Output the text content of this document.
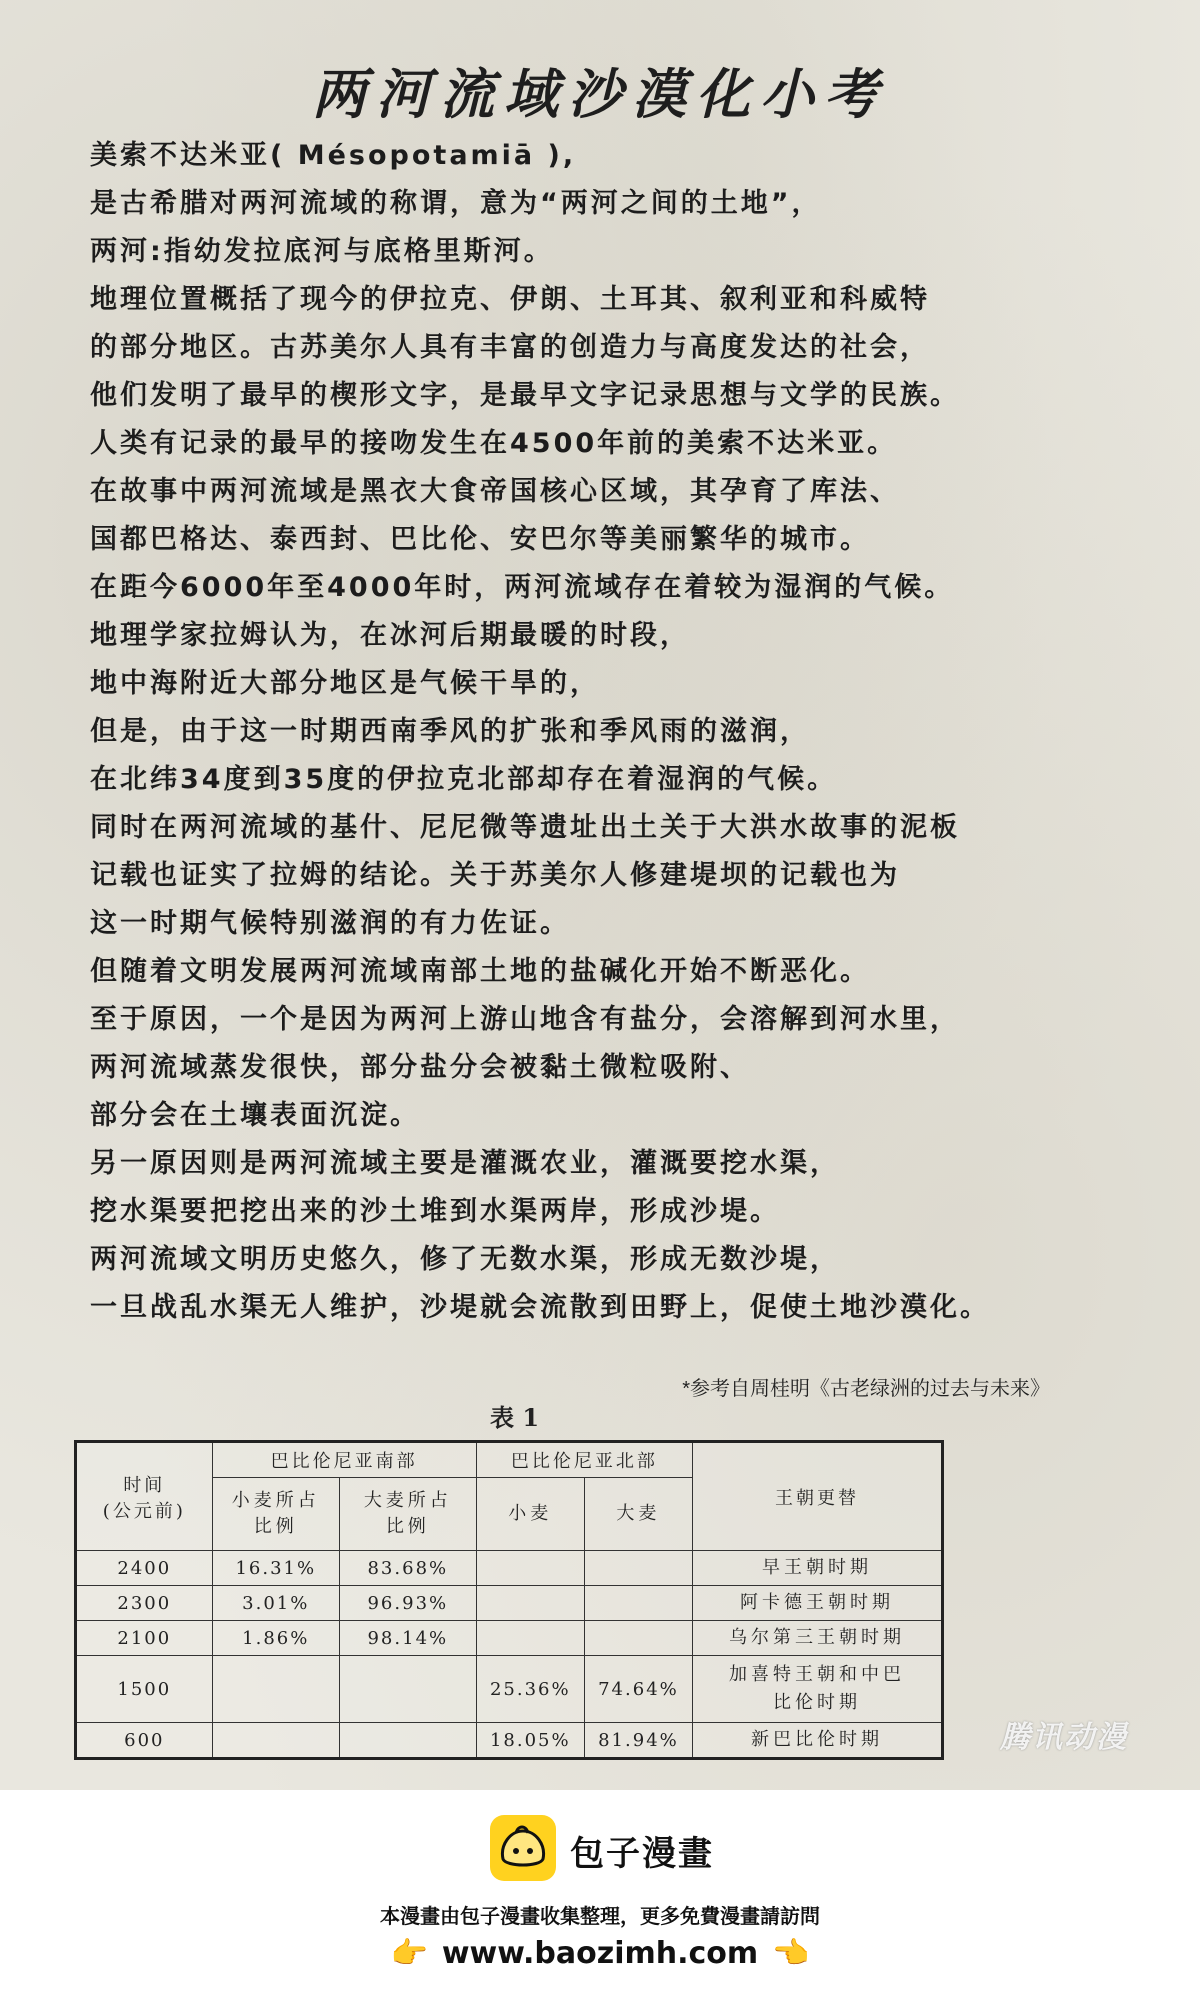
两河流域沙漠化小考
美索不达米亚( Mésopotamiā ),
是古希腊对两河流域的称谓，意为“两河之间的土地”，
两河:指幼发拉底河与底格里斯河。
地理位置概括了现今的伊拉克、伊朗、土耳其、叙利亚和科威特
的部分地区。古苏美尔人具有丰富的创造力与高度发达的社会，
他们发明了最早的楔形文字，是最早文字记录思想与文学的民族。
人类有记录的最早的接吻发生在4500年前的美索不达米亚。
在故事中两河流域是黑衣大食帝国核心区域，其孕育了库法、
国都巴格达、泰西封、巴比伦、安巴尔等美丽繁华的城市。
在距今6000年至4000年时，两河流域存在着较为湿润的气候。
地理学家拉姆认为，在冰河后期最暖的时段，
地中海附近大部分地区是气候干旱的，
但是，由于这一时期西南季风的扩张和季风雨的滋润，
在北纬34度到35度的伊拉克北部却存在着湿润的气候。
同时在两河流域的基什、尼尼微等遗址出土关于大洪水故事的泥板
记载也证实了拉姆的结论。关于苏美尔人修建堤坝的记载也为
这一时期气候特别滋润的有力佐证。
但随着文明发展两河流域南部土地的盐碱化开始不断恶化。
至于原因，一个是因为两河上游山地含有盐分，会溶解到河水里，
两河流域蒸发很快，部分盐分会被黏土微粒吸附、
部分会在土壤表面沉淀。
另一原因则是两河流域主要是灌溉农业，灌溉要挖水渠，
挖水渠要把挖出来的沙土堆到水渠两岸，形成沙堤。
两河流域文明历史悠久，修了无数水渠，形成无数沙堤，
一旦战乱水渠无人维护，沙堤就会流散到田野上，促使土地沙漠化。
*参考自周桂明《古老绿洲的过去与未来》
表 1
时间
(公元前)	巴比伦尼亚南部		巴比伦尼亚北部		王朝更替
	小麦所占
比例	大麦所占
比例	小麦	大麦	
2400	16.31%	83.68%			早王朝时期
2300	3.01%	96.93%			阿卡德王朝时期
2100	1.86%	98.14%			乌尔第三王朝时期
1500			25.36%	74.64%	加喜特王朝和中巴
比伦时期
600			18.05%	81.94%	新巴比伦时期	腾讯动漫
包子漫畫
本漫畫由包子漫畫收集整理，更多免費漫畫請訪問
👉 www.baozimh.com 👈
